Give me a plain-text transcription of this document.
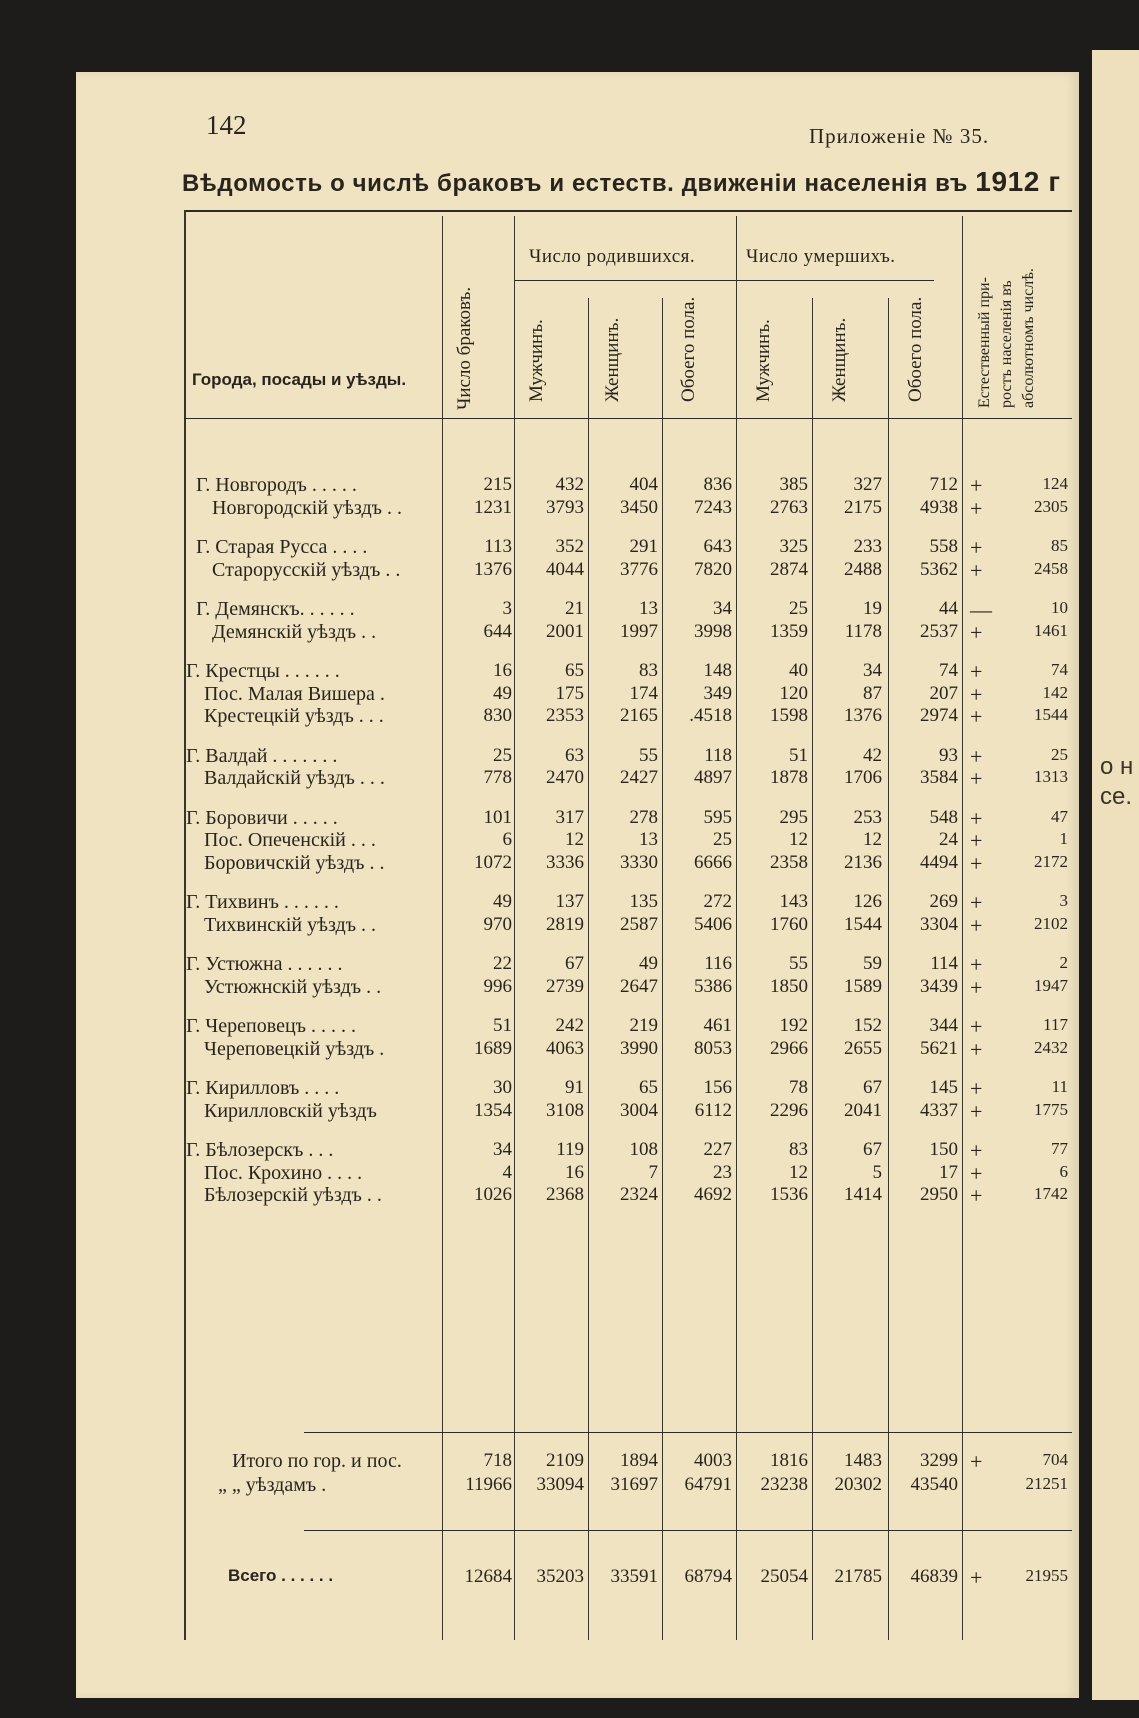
о н
се.
142	Приложеніе № 35.
Вѣдомость о числѣ браковъ и естеств. движеніи населенія въ 1912 г
Города, посады и уѣзды.	Число браковъ.
Число родившихся.	Число умершихъ.
Мужчинъ.	Женщинъ.	Обоего пола.	Мужчинъ.	Женщинъ.	Обоего пола.	Естественный при-
ростъ населенія въ
абсолютномъ числѣ.
Г. Новгородъ . . . . .	215	432	404	836	385	327	712 +	124
Новгородскій уѣздъ . .	1231	3793	3450	7243	2763	2175	4938 +	2305
Г. Старая Русса . . . .	113	352	291	643	325	233	558 +	85
Старорусскій уѣздъ . .	1376	4044	3776	7820	2874	2488	5362 +	2458
Г. Демянскъ. . . . . .	3	21	13	34	25	19	44 —	10
Демянскій уѣздъ . .	644	2001	1997	3998	1359	1178	2537 +	1461
Г. Крестцы . . . . . .	16	65	83	148	40	34	74 +	74
Пос. Малая Вишера .	49	175	174	349	120	87	207 +	142
Крестецкій уѣздъ . . .	830	2353	2165	.4518	1598	1376	2974 +	1544
Г. Валдай . . . . . . .	25	63	55	118	51	42	93 +	25
Валдайскій уѣздъ . . .	778	2470	2427	4897	1878	1706	3584 +	1313
Г. Боровичи . . . . .	101	317	278	595	295	253	548 +	47
Пос. Опеченскій . . .	6	12	13	25	12	12	24 +	1
Боровичскій уѣздъ . .	1072	3336	3330	6666	2358	2136	4494 +	2172
Г. Тихвинъ . . . . . .	49	137	135	272	143	126	269 +	3
Тихвинскій уѣздъ . .	970	2819	2587	5406	1760	1544	3304 +	2102
Г. Устюжна . . . . . .	22	67	49	116	55	59	114 +	2
Устюжнскій уѣздъ . .	996	2739	2647	5386	1850	1589	3439 +	1947
Г. Череповецъ . . . . .	51	242	219	461	192	152	344 +	117
Череповецкій уѣздъ .	1689	4063	3990	8053	2966	2655	5621 +	2432
Г. Кирилловъ . . . .	30	91	65	156	78	67	145 +	11
Кирилловскій уѣздъ	1354	3108	3004	6112	2296	2041	4337 +	1775
Г. Бѣлозерскъ . . .	34	119	108	227	83	67	150 +	77
Пос. Крохино . . . .	4	16	7	23	12	5	17 +	6
Бѣлозерскій уѣздъ . .	1026	2368	2324	4692	1536	1414	2950 +	1742
Итого по гор. и пос.	718	2109	1894	4003	1816	1483	3299 +	704
„ „ уѣздамъ .	11966	33094	31697	64791	23238	20302	43540	21251
Всего . . . . . .	12684	35203	33591	68794	25054	21785	46839 +	21955
